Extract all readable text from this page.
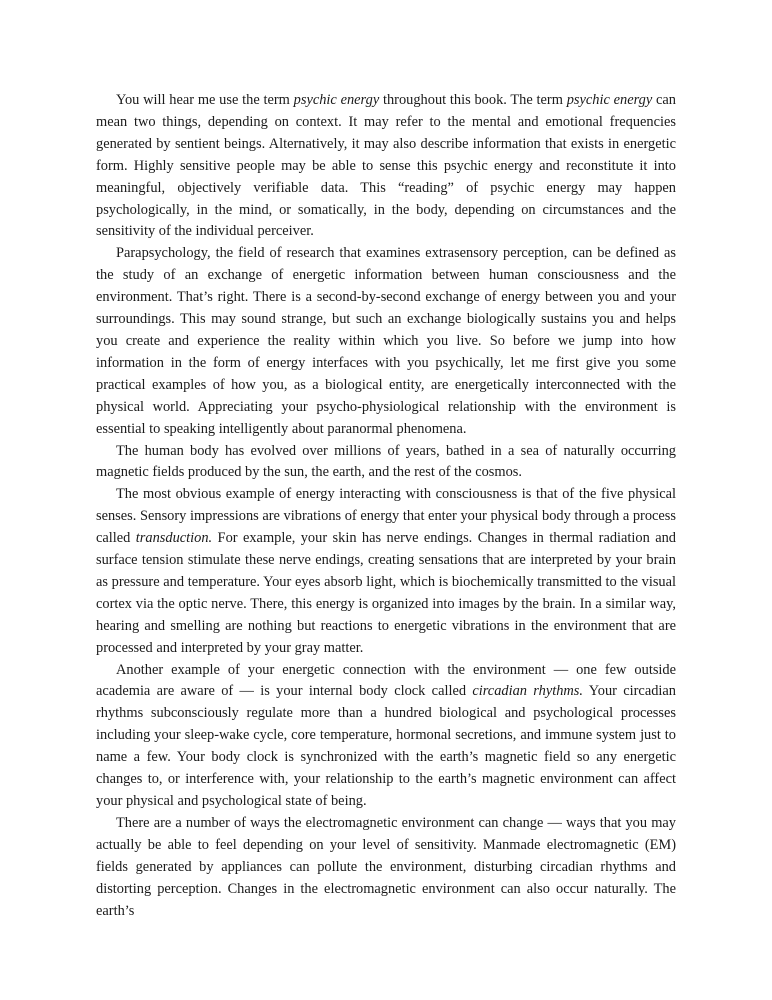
You will hear me use the term psychic energy throughout this book. The term psychic energy can mean two things, depending on context. It may refer to the mental and emotional frequencies generated by sentient beings. Alternatively, it may also describe information that exists in energetic form. Highly sensitive people may be able to sense this psychic energy and reconstitute it into meaningful, objectively verifiable data. This “reading” of psychic energy may happen psychologically, in the mind, or somatically, in the body, depending on circumstances and the sensitivity of the individual perceiver.

Parapsychology, the field of research that examines extrasensory perception, can be defined as the study of an exchange of energetic information between human consciousness and the environment. That’s right. There is a second-by-second exchange of energy between you and your surroundings. This may sound strange, but such an exchange biologically sustains you and helps you create and experience the reality within which you live. So before we jump into how information in the form of energy interfaces with you psychically, let me first give you some practical examples of how you, as a biological entity, are energetically interconnected with the physical world. Appreciating your psycho-physiological relationship with the environment is essential to speaking intelligently about paranormal phenomena.

The human body has evolved over millions of years, bathed in a sea of naturally occurring magnetic fields produced by the sun, the earth, and the rest of the cosmos.

The most obvious example of energy interacting with consciousness is that of the five physical senses. Sensory impressions are vibrations of energy that enter your physical body through a process called transduction. For example, your skin has nerve endings. Changes in thermal radiation and surface tension stimulate these nerve endings, creating sensations that are interpreted by your brain as pressure and temperature. Your eyes absorb light, which is biochemically transmitted to the visual cortex via the optic nerve. There, this energy is organized into images by the brain. In a similar way, hearing and smelling are nothing but reactions to energetic vibrations in the environment that are processed and interpreted by your gray matter.

Another example of your energetic connection with the environment — one few outside academia are aware of — is your internal body clock called circadian rhythms. Your circadian rhythms subconsciously regulate more than a hundred biological and psychological processes including your sleep-wake cycle, core temperature, hormonal secretions, and immune system just to name a few. Your body clock is synchronized with the earth’s magnetic field so any energetic changes to, or interference with, your relationship to the earth’s magnetic environment can affect your physical and psychological state of being.

There are a number of ways the electromagnetic environment can change — ways that you may actually be able to feel depending on your level of sensitivity. Manmade electromagnetic (EM) fields generated by appliances can pollute the environment, disturbing circadian rhythms and distorting perception. Changes in the electromagnetic environment can also occur naturally. The earth’s
